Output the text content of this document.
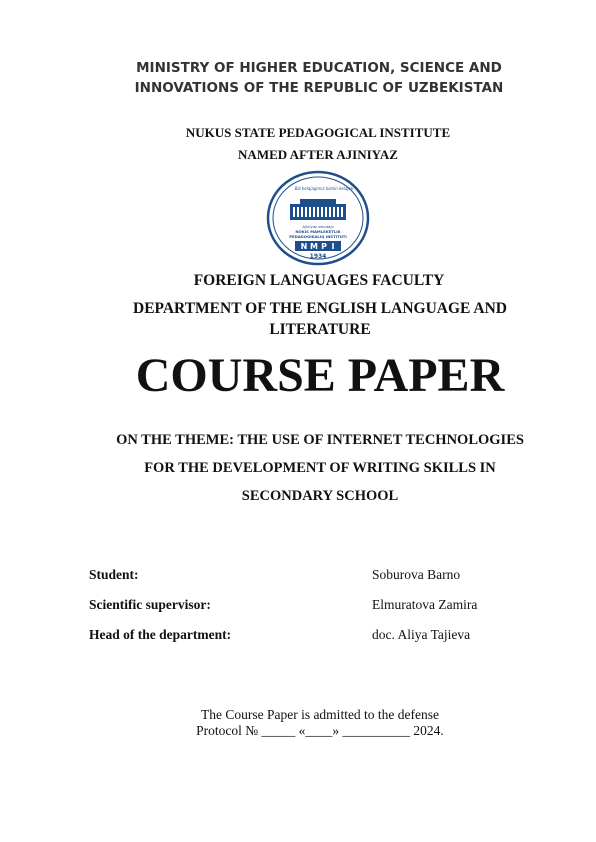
MINISTRY OF HIGHER EDUCATION, SCIENCE AND
INNOVATIONS OF THE REPUBLIC OF UZBEKISTAN
NUKUS STATE PEDAGOGICAL INSTITUTE
NAMED AFTER AJINIYAZ
Biz kelajagimiz biznin kelajak
Ajiniyaz atındaǵı
NÓKIS MÁMLEKETLIK
PEDAGOGIKALIQ INSTITUTI
N M P I
1934
FOREIGN LANGUAGES FACULTY
DEPARTMENT OF THE ENGLISH LANGUAGE AND LITERATURE
COURSE PAPER
ON THE THEME: THE USE OF INTERNET TECHNOLOGIES
FOR THE DEVELOPMENT OF WRITING SKILLS IN
SECONDARY SCHOOL
Student:	Soburova Barno
Scientific supervisor:	Elmuratova Zamira
Head of the department:	doc. Aliya Tajieva
The Course Paper is admitted to the defense
Protocol № _____ «____» __________ 2024.
